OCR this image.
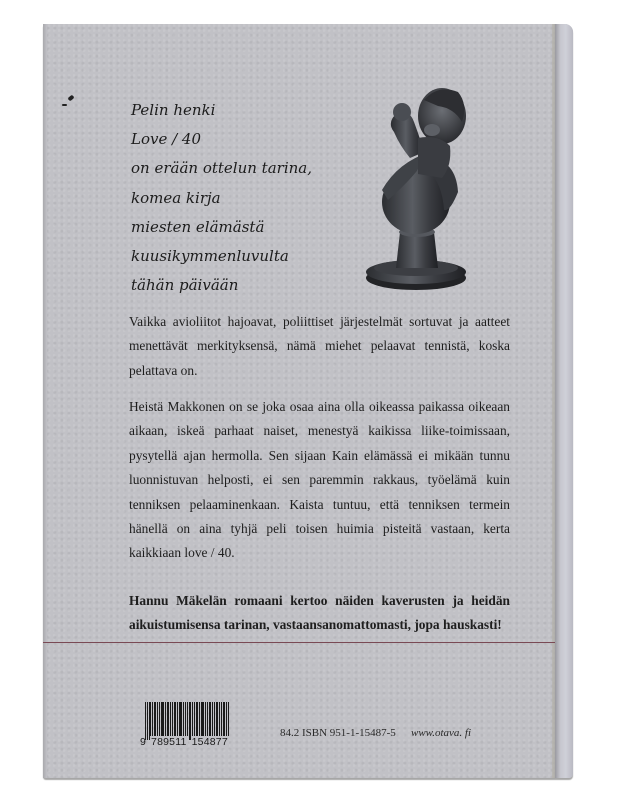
Pelin henki
Love / 40
on erään ottelun tarina,
komea kirja
miesten elämästä
kuusikymmenluvulta
tähän päivään

Vaikka avioliitot hajoavat, poliittiset järjestelmät sortuvat ja aatteet menettävät merkityksensä, nämä miehet pelaavat tennistä, koska pelattava on.

Heistä Makkonen on se joka osaa aina olla oikeassa paikassa oikeaan aikaan, iskeä parhaat naiset, menestyä kaikissa liike-toimissaan, pysytellä ajan hermolla. Sen sijaan Kain elämässä ei mikään tunnu luonnistuvan helposti, ei sen paremmin rakkaus, työelämä kuin tenniksen pelaaminenkaan. Kaista tuntuu, että tenniksen termein hänellä on aina tyhjä peli toisen huimia pisteitä vastaan, kerta kaikkiaan love / 40.

Hannu Mäkelän romaani kertoo näiden kaverusten ja heidän aikuistumisensa tarinan, vastaansanomattomasti, jopa hauskasti!

9 789511 154877
84.2 ISBN 951-1-15487-5 www.otava. fi
